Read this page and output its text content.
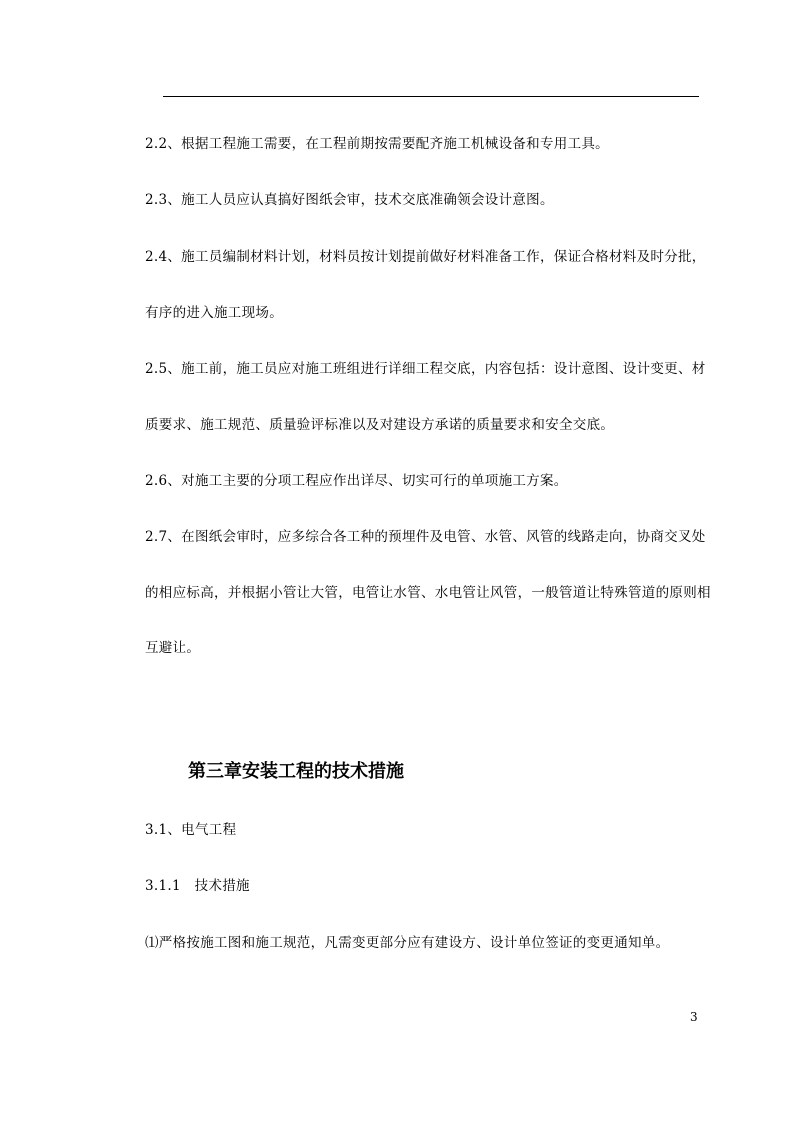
2.2、根据工程施工需要，在工程前期按需要配齐施工机械设备和专用工具。
2.3、施工人员应认真搞好图纸会审，技术交底准确领会设计意图。
2.4、施工员编制材料计划，材料员按计划提前做好材料准备工作，保证合格材料及时分批，
有序的进入施工现场。
2.5、施工前，施工员应对施工班组进行详细工程交底，内容包括：设计意图、设计变更、材
质要求、施工规范、质量验评标准以及对建设方承诺的质量要求和安全交底。
2.6、对施工主要的分项工程应作出详尽、切实可行的单项施工方案。
2.7、在图纸会审时，应多综合各工种的预埋件及电管、水管、风管的线路走向，协商交叉处
的相应标高，并根据小管让大管，电管让水管、水电管让风管，一般管道让特殊管道的原则相
互避让。
第三章安装工程的技术措施
3.1、电气工程
3.1.1　技术措施
⑴严格按施工图和施工规范，凡需变更部分应有建设方、设计单位签证的变更通知单。
3
